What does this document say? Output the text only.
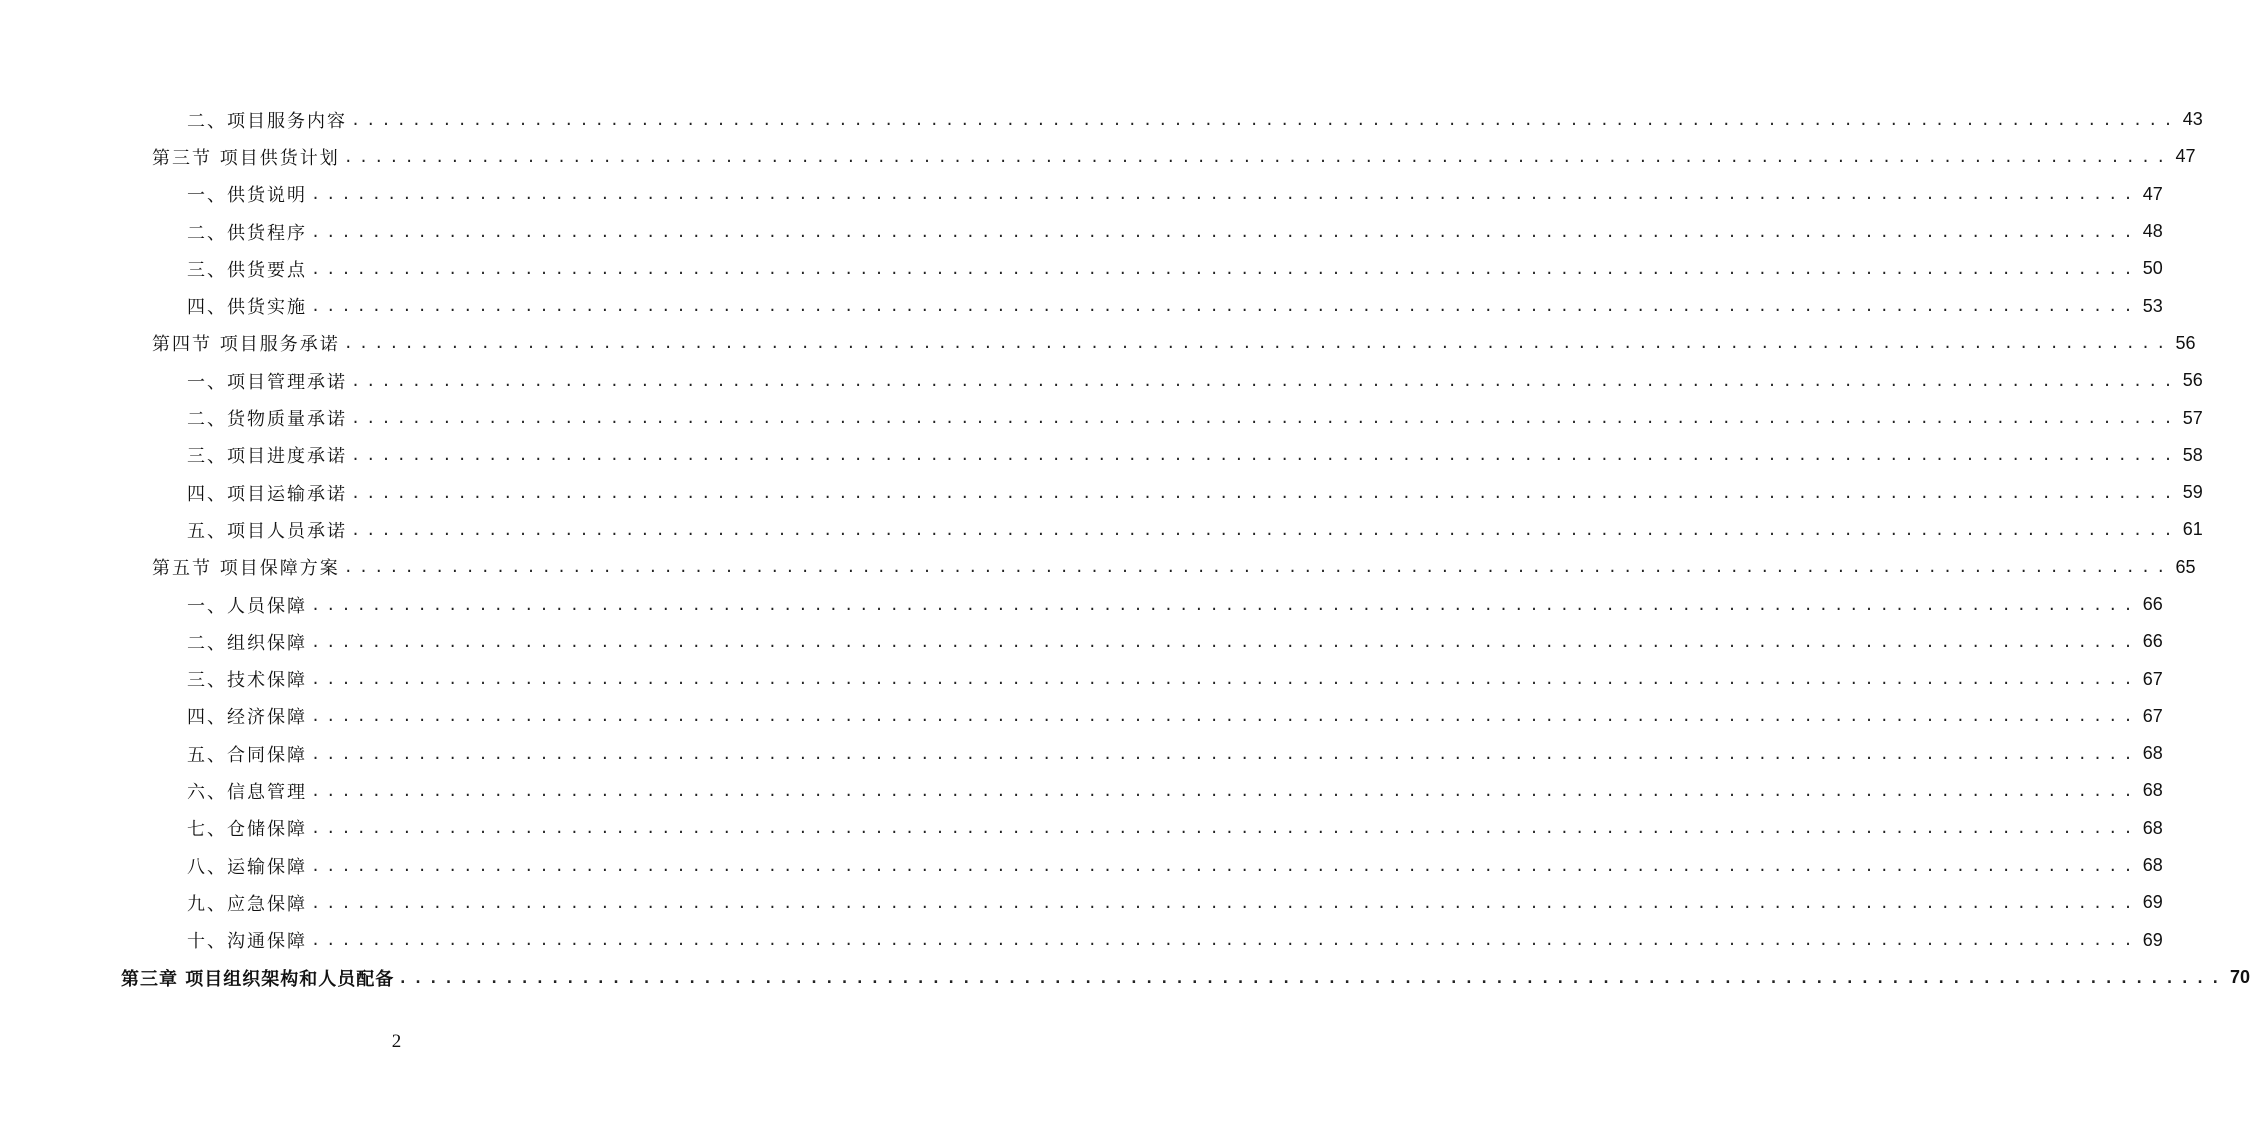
二、项目服务内容 ........................................................................................................................ 43
第三节 项目供货计划 ........................................................................................................................ 47
一、供货说明 ........................................................................................................................ 47
二、供货程序 ........................................................................................................................ 48
三、供货要点 ........................................................................................................................ 50
四、供货实施 ........................................................................................................................ 53
第四节 项目服务承诺 ........................................................................................................................ 56
一、项目管理承诺 ........................................................................................................................ 56
二、货物质量承诺 ........................................................................................................................ 57
三、项目进度承诺 ........................................................................................................................ 58
四、项目运输承诺 ........................................................................................................................ 59
五、项目人员承诺 ........................................................................................................................ 61
第五节 项目保障方案 ........................................................................................................................ 65
一、人员保障 ........................................................................................................................ 66
二、组织保障 ........................................................................................................................ 66
三、技术保障 ........................................................................................................................ 67
四、经济保障 ........................................................................................................................ 67
五、合同保障 ........................................................................................................................ 68
六、信息管理 ........................................................................................................................ 68
七、仓储保障 ........................................................................................................................ 68
八、运输保障 ........................................................................................................................ 68
九、应急保障 ........................................................................................................................ 69
十、沟通保障 ........................................................................................................................ 69
第三章 项目组织架构和人员配备 ........................................................................................................................ 70
2
